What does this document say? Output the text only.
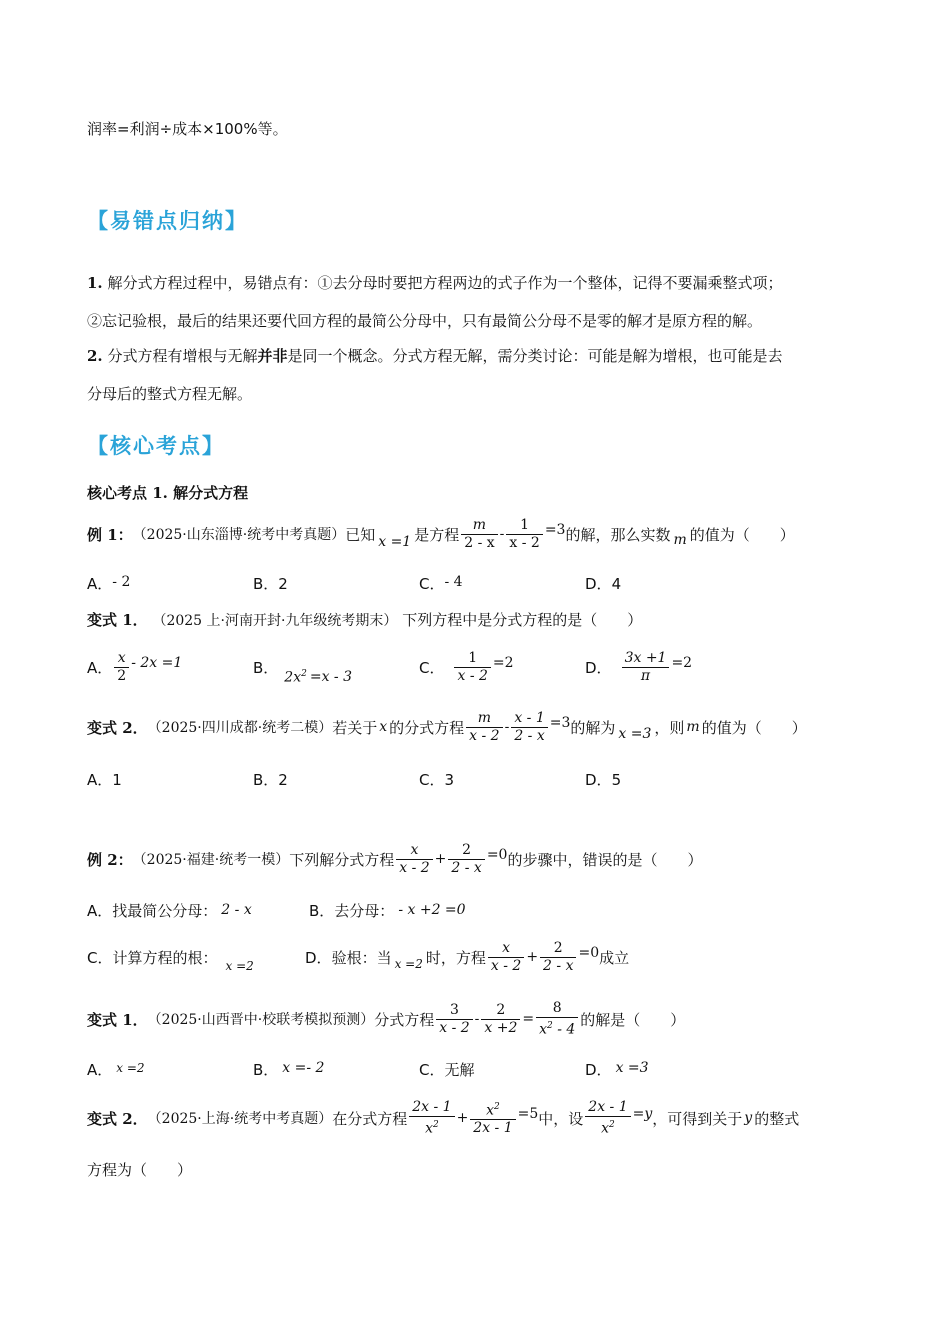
润率=利润÷成本×100%等。
【易错点归纳】
1. 解分式方程过程中，易错点有：①去分母时要把方程两边的式子作为一个整体，记得不要漏乘整式项；
②忘记验根，最后的结果还要代回方程的最简公分母中，只有最简公分母不是零的解才是原方程的解。
2. 分式方程有增根与无解并非是同一个概念。分式方程无解，需分类讨论：可能是解为增根，也可能是去
分母后的整式方程无解。
【核心考点】
核心考点 1. 解分式方程
例 1： （2025·山东淄博·统考中考真题） 已知 x =1 是方程 $\frac{m}{2 - x} - \frac{1}{x - 2} =3$ 的解，那么实数 m 的值为（　　）
A．- 2	B．2	C．- 4	D．4
变式 1． （2025 上·河南开封·九年级统考期末） 下列方程中是分式方程的是（　　）
A． $\frac{x}{2} - 2x =1$	B．
$2x^2 =x - 3$
C． $\frac{1}{x - 2} =2$	D． $\frac{3x +1}{\pi} =2$
变式 2． （2025·四川成都·统考二模） 若关于 x 的分式方程 $\frac{m}{x - 2} - \frac{x - 1}{2 - x} =3$ 的解为 x =3 ，则 m 的值为（　　）
A．1	B．2	C．3	D．5
例 2： （2025·福建·统考一模） 下列解分式方程 $\frac{x}{x - 2} + \frac{2}{2 - x} =0$ 的步骤中，错误的是（　　）
A．找最简公分母： 2 - x	B．去分母： - x +2 =0
C． 计算方程的根： x =2	D． 验根：当 x =2 时，方程 $\frac{x}{x - 2} + \frac{2}{2 - x} =0$ 成立
变式 1． （2025·山西晋中·校联考模拟预测） 分式方程 $\frac{3}{x - 2} - \frac{2}{x +2} = \frac{8}{x^2 - 4}$ 的解是（　　）
A． $^{x =2}$	B． x =- 2	C．无解	D． x =3
变式 2． （2025·上海·统考中考真题） 在分式方程 $\frac{2x - 1}{x^2} + \frac{x^2}{2x - 1} =5$ 中，设 $\frac{2x - 1}{x^2} =y$ ，可得到关于 y 的整式
方程为（　　）
